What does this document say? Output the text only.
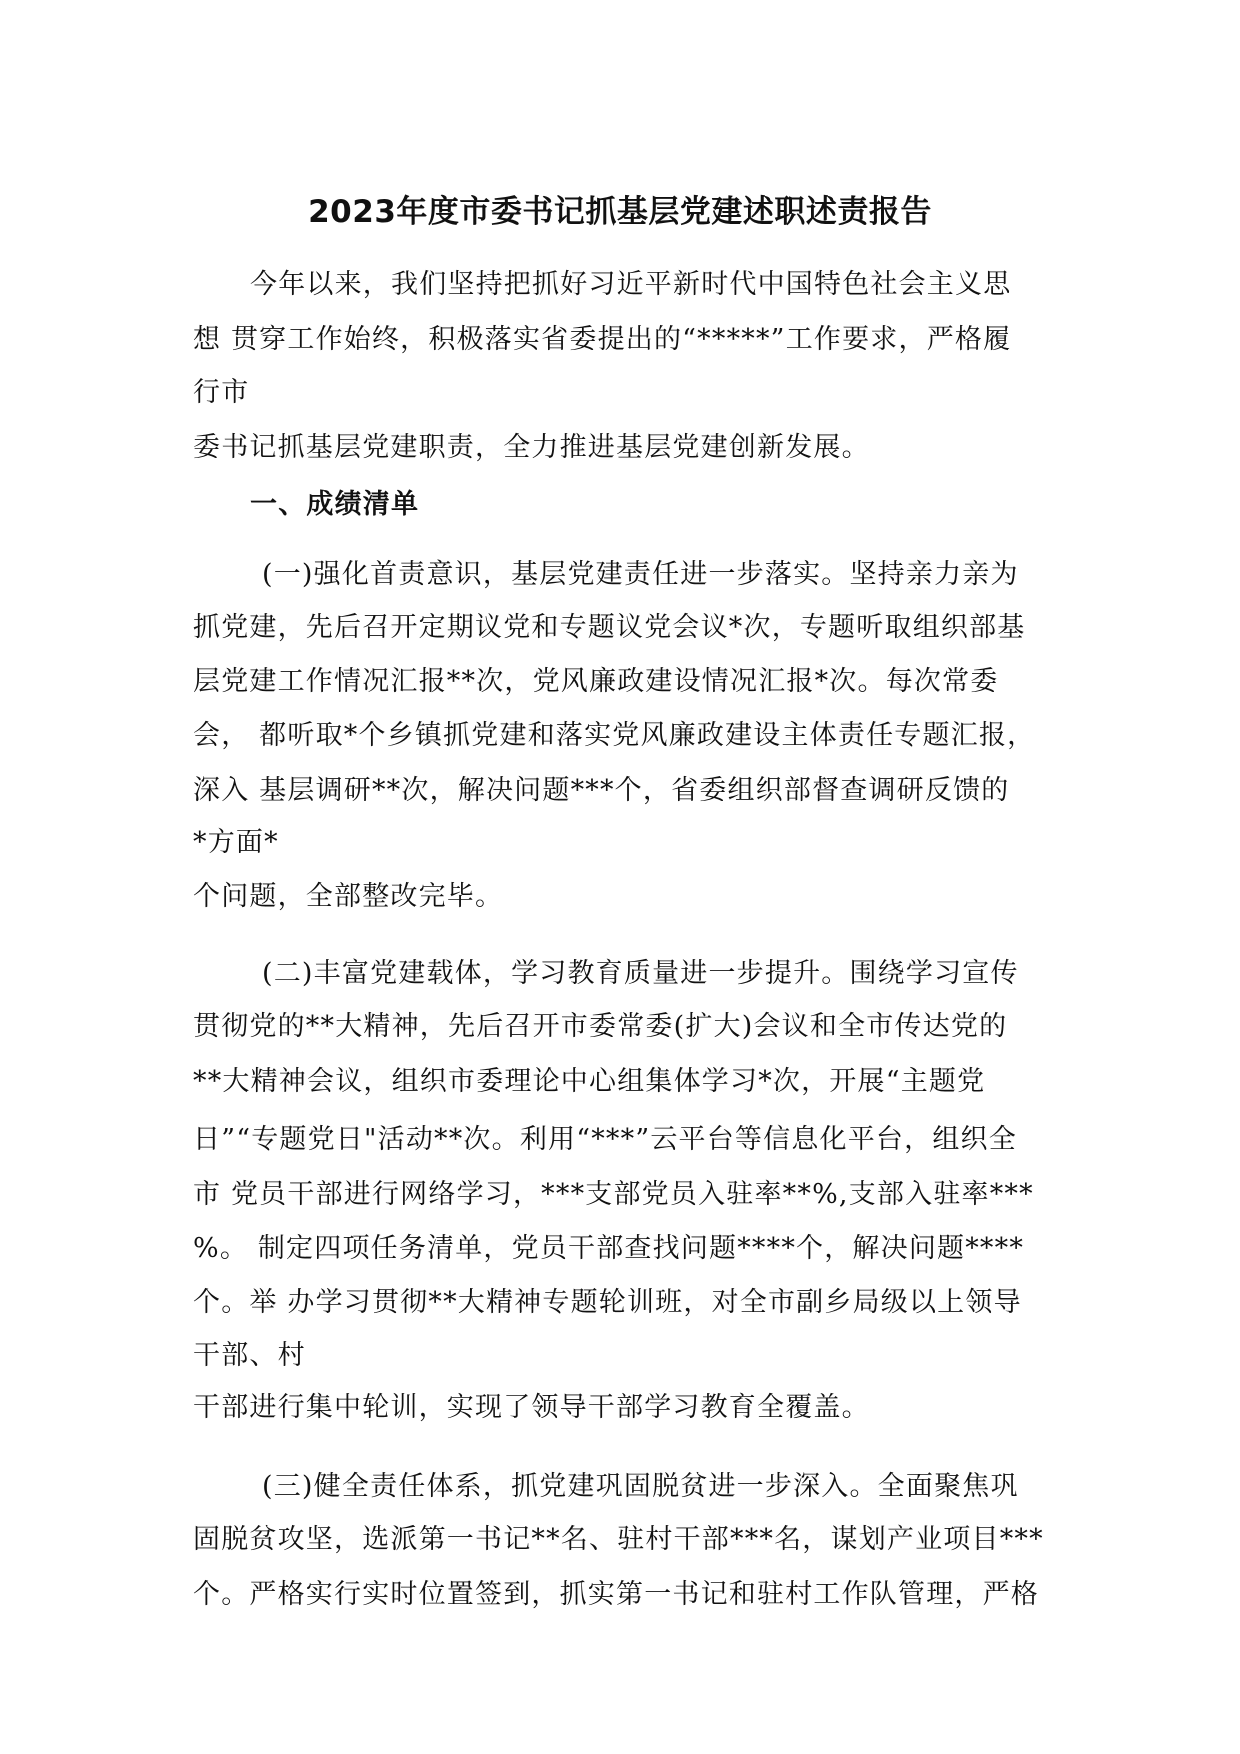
2023年度市委书记抓基层党建述职述责报告
今年以来，我们坚持把抓好习近平新时代中国特色社会主义思
想 贯穿工作始终，积极落实省委提出的“*****”工作要求，严格履
行市
委书记抓基层党建职责，全力推进基层党建创新发展。
一、成绩清单
(一)强化首责意识，基层党建责任进一步落实。坚持亲力亲为
抓党建，先后召开定期议党和专题议党会议*次，专题听取组织部基
层党建工作情况汇报**次，党风廉政建设情况汇报*次。每次常委
会， 都听取*个乡镇抓党建和落实党风廉政建设主体责任专题汇报，
深入 基层调研**次，解决问题***个，省委组织部督查调研反馈的
*方面*
个问题，全部整改完毕。
(二)丰富党建载体，学习教育质量进一步提升。围绕学习宣传
贯彻党的**大精神，先后召开市委常委(扩大)会议和全市传达党的
**大精神会议，组织市委理论中心组集体学习*次，开展“主题党
日”“专题党日"活动**次。利用“***”云平台等信息化平台，组织全
市 党员干部进行网络学习，***支部党员入驻率**%,支部入驻率***
%。 制定四项任务清单，党员干部查找问题****个，解决问题****
个。举 办学习贯彻**大精神专题轮训班，对全市副乡局级以上领导
干部、村
干部进行集中轮训，实现了领导干部学习教育全覆盖。
(三)健全责任体系，抓党建巩固脱贫进一步深入。全面聚焦巩
固脱贫攻坚，选派第一书记**名、驻村干部***名，谋划产业项目***
个。严格实行实时位置签到，抓实第一书记和驻村工作队管理，严格
